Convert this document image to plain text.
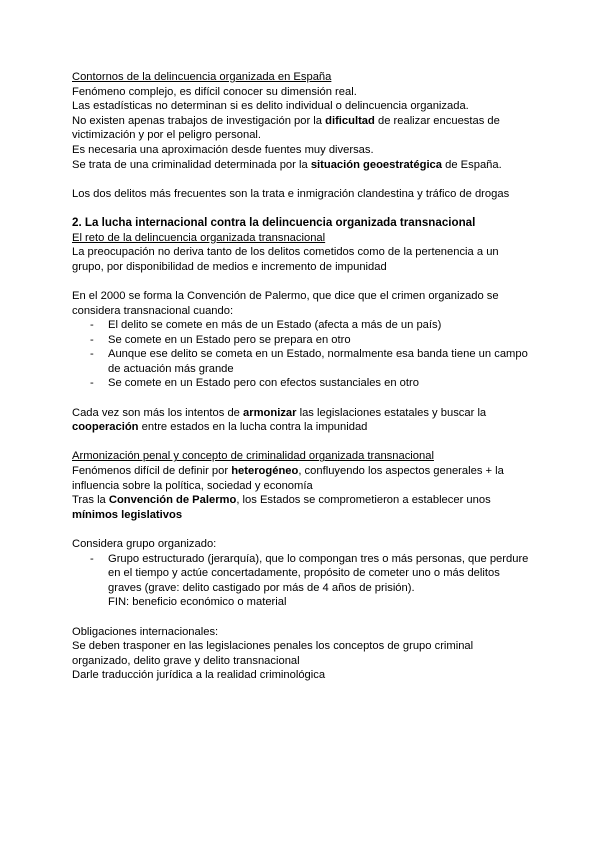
Contornos de la delincuencia organizada en España

Fenómeno complejo, es difícil conocer su dimensión real.

Las estadísticas no determinan si es delito individual o delincuencia organizada.

No existen apenas trabajos de investigación por la dificultad de realizar encuestas de victimización y por el peligro personal.

Es necesaria una aproximación desde fuentes muy diversas.

Se trata de una criminalidad determinada por la situación geoestratégica de España.

Los dos delitos más frecuentes son la trata e inmigración clandestina y tráfico de drogas

2. La lucha internacional contra la delincuencia organizada transnacional

El reto de la delincuencia organizada transnacional

La preocupación no deriva tanto de los delitos cometidos como de la pertenencia a un grupo, por disponibilidad de medios e incremento de impunidad

En el 2000 se forma la Convención de Palermo, que dice que el crimen organizado se considera transnacional cuando:

- El delito se comete en más de un Estado (afecta a más de un país)
- Se comete en un Estado pero se prepara en otro
- Aunque ese delito se cometa en un Estado, normalmente esa banda tiene un campo de actuación más grande
- Se comete en un Estado pero con efectos sustanciales en otro

Cada vez son más los intentos de armonizar las legislaciones estatales y buscar la cooperación entre estados en la lucha contra la impunidad

Armonización penal y concepto de criminalidad organizada transnacional

Fenómenos difícil de definir por heterogéneo, confluyendo los aspectos generales + la influencia sobre la política, sociedad y economía

Tras la Convención de Palermo, los Estados se comprometieron a establecer unos mínimos legislativos

Considera grupo organizado:

- Grupo estructurado (jerarquía), que lo compongan tres o más personas, que perdure en el tiempo y actúe concertadamente, propósito de cometer uno o más delitos graves (grave: delito castigado por más de 4 años de prisión).

FIN: beneficio económico o material

Obligaciones internacionales:

Se deben trasponer en las legislaciones penales los conceptos de grupo criminal organizado, delito grave y delito transnacional

Darle traducción jurídica a la realidad criminológica
